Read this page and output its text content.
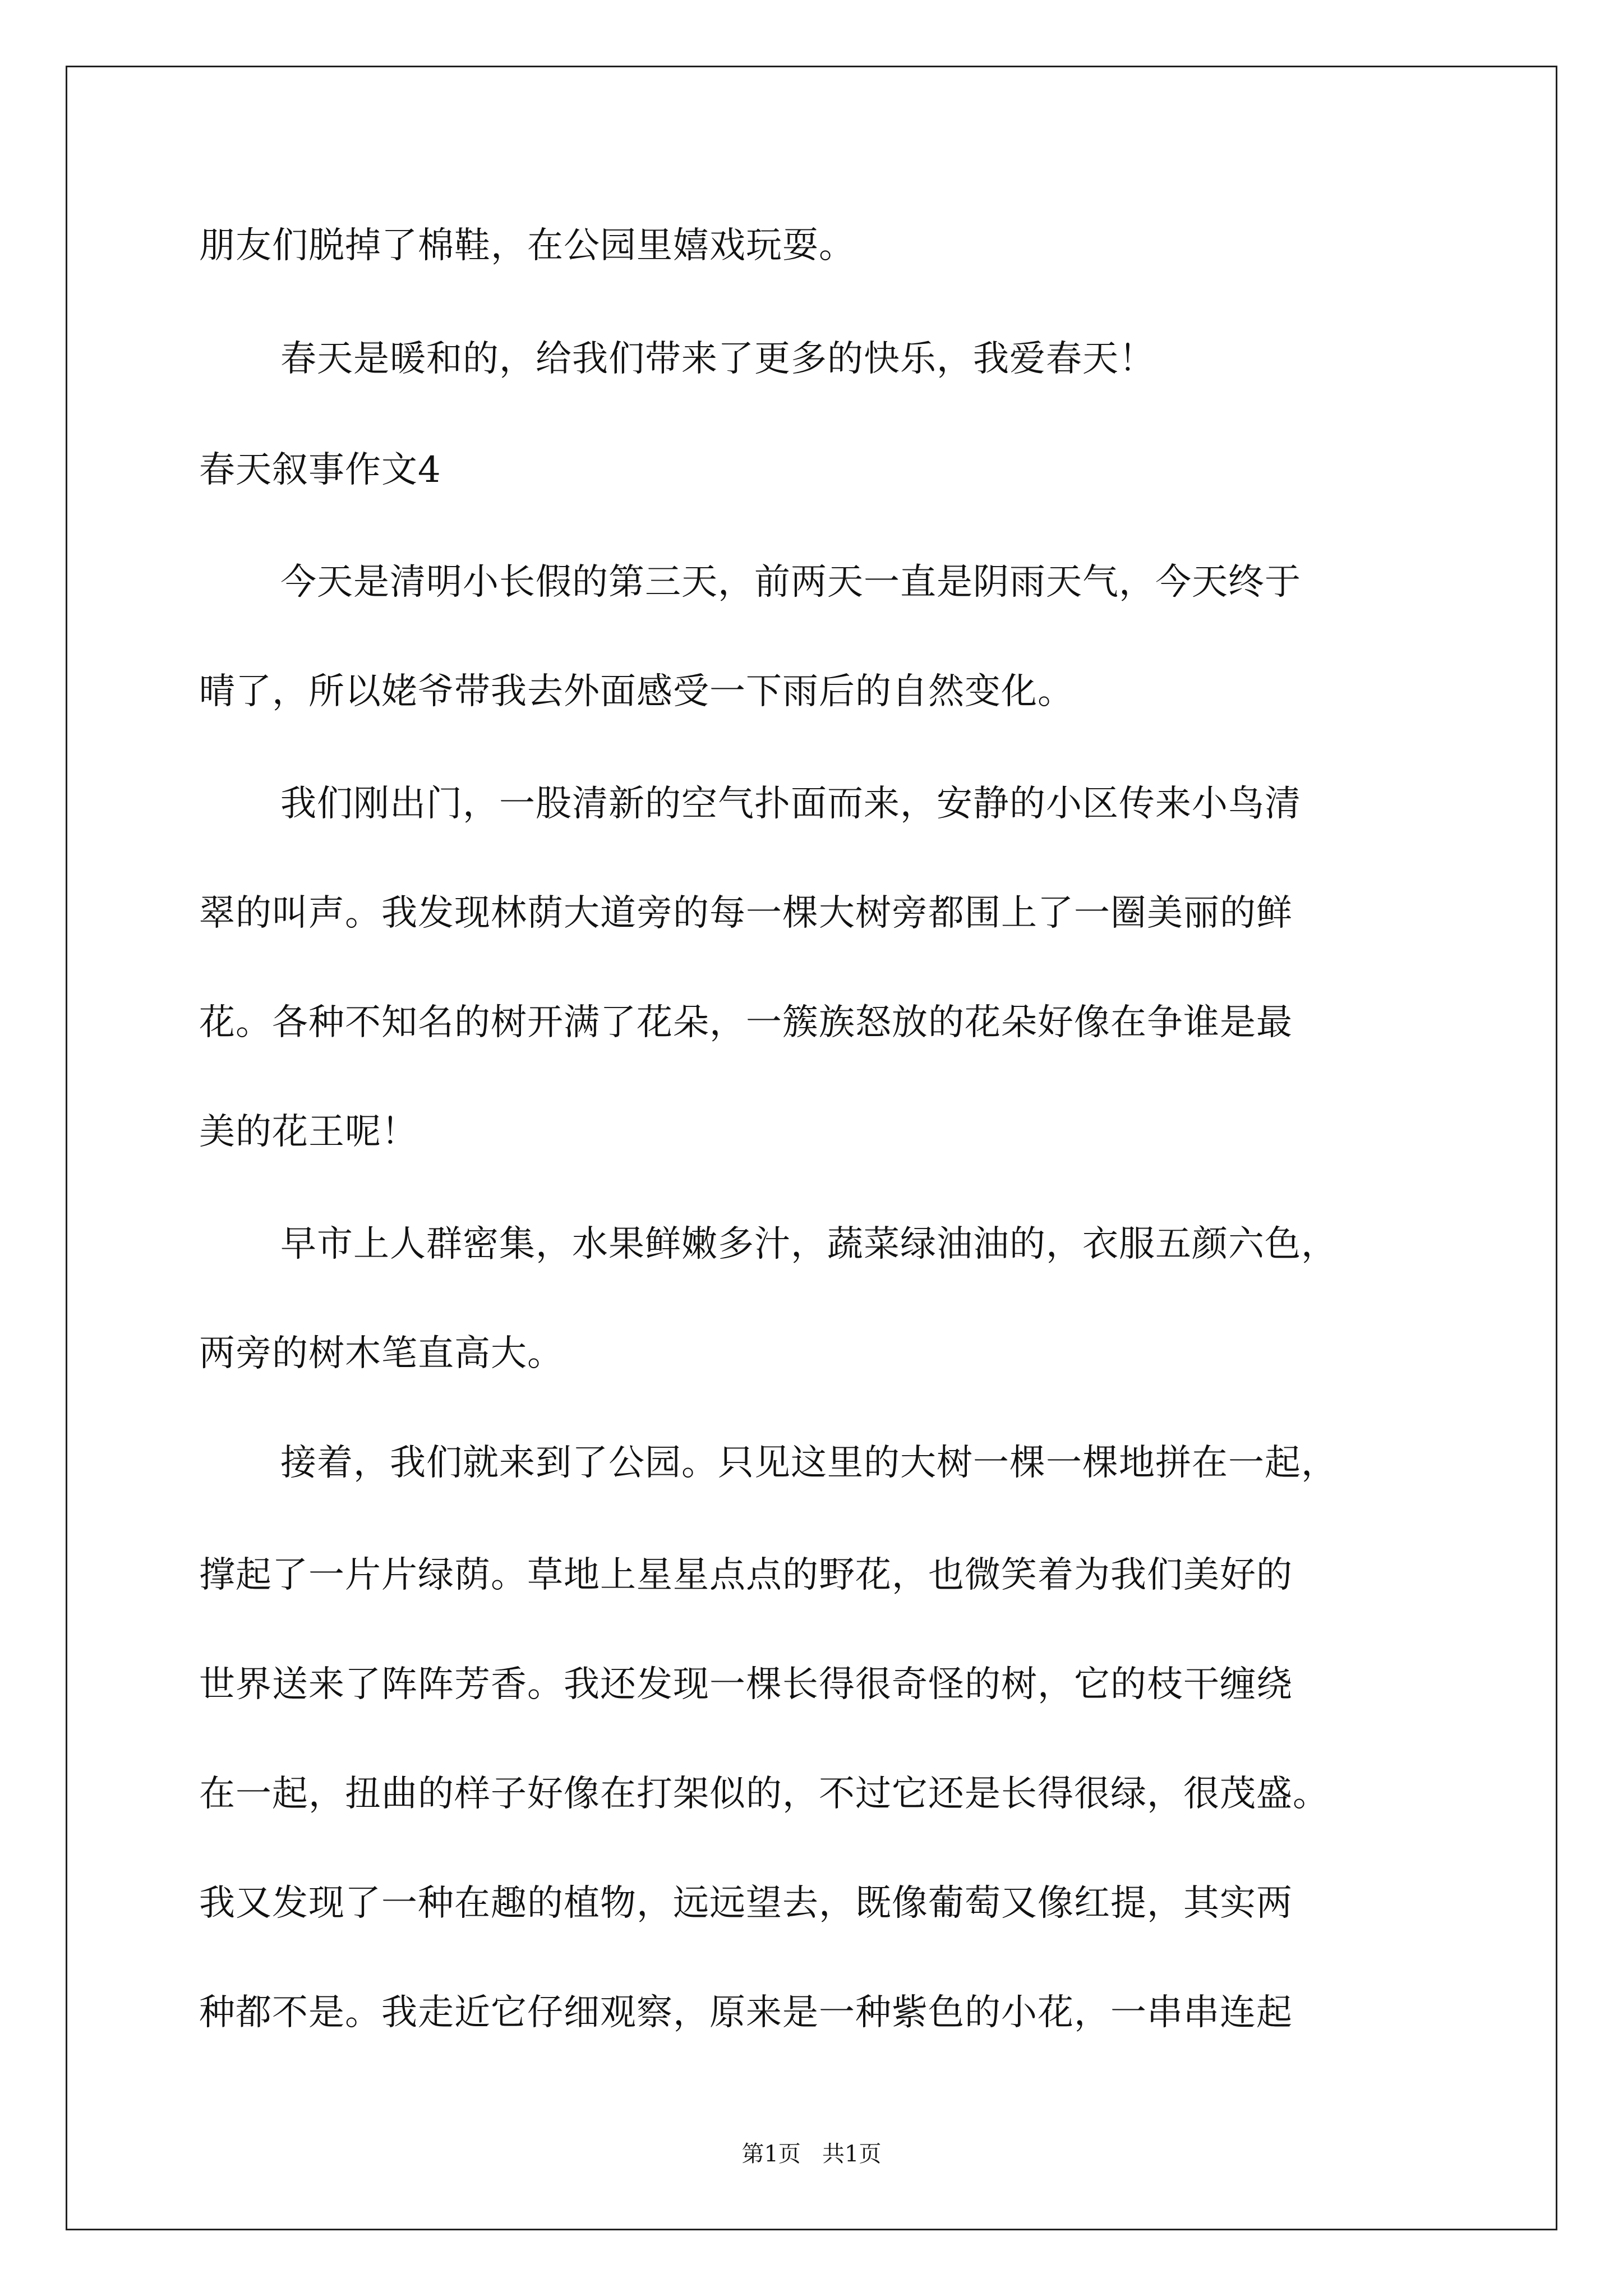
朋友们脱掉了棉鞋，在公园里嬉戏玩耍。
春天是暖和的，给我们带来了更多的快乐，我爱春天！
春天叙事作文4
今天是清明小长假的第三天，前两天一直是阴雨天气，今天终于
晴了，所以姥爷带我去外面感受一下雨后的自然变化。
我们刚出门，一股清新的空气扑面而来，安静的小区传来小鸟清
翠的叫声。我发现林荫大道旁的每一棵大树旁都围上了一圈美丽的鲜
花。各种不知名的树开满了花朵，一簇族怒放的花朵好像在争谁是最
美的花王呢！
早市上人群密集，水果鲜嫩多汁，蔬菜绿油油的，衣服五颜六色，
两旁的树木笔直高大。
接着，我们就来到了公园。只见这里的大树一棵一棵地拼在一起，
撑起了一片片绿荫。草地上星星点点的野花，也微笑着为我们美好的
世界送来了阵阵芳香。我还发现一棵长得很奇怪的树，它的枝干缠绕
在一起，扭曲的样子好像在打架似的，不过它还是长得很绿，很茂盛。
我又发现了一种在趣的植物，远远望去，既像葡萄又像红提，其实两
种都不是。我走近它仔细观察，原来是一种紫色的小花，一串串连起
第1页   共1页
